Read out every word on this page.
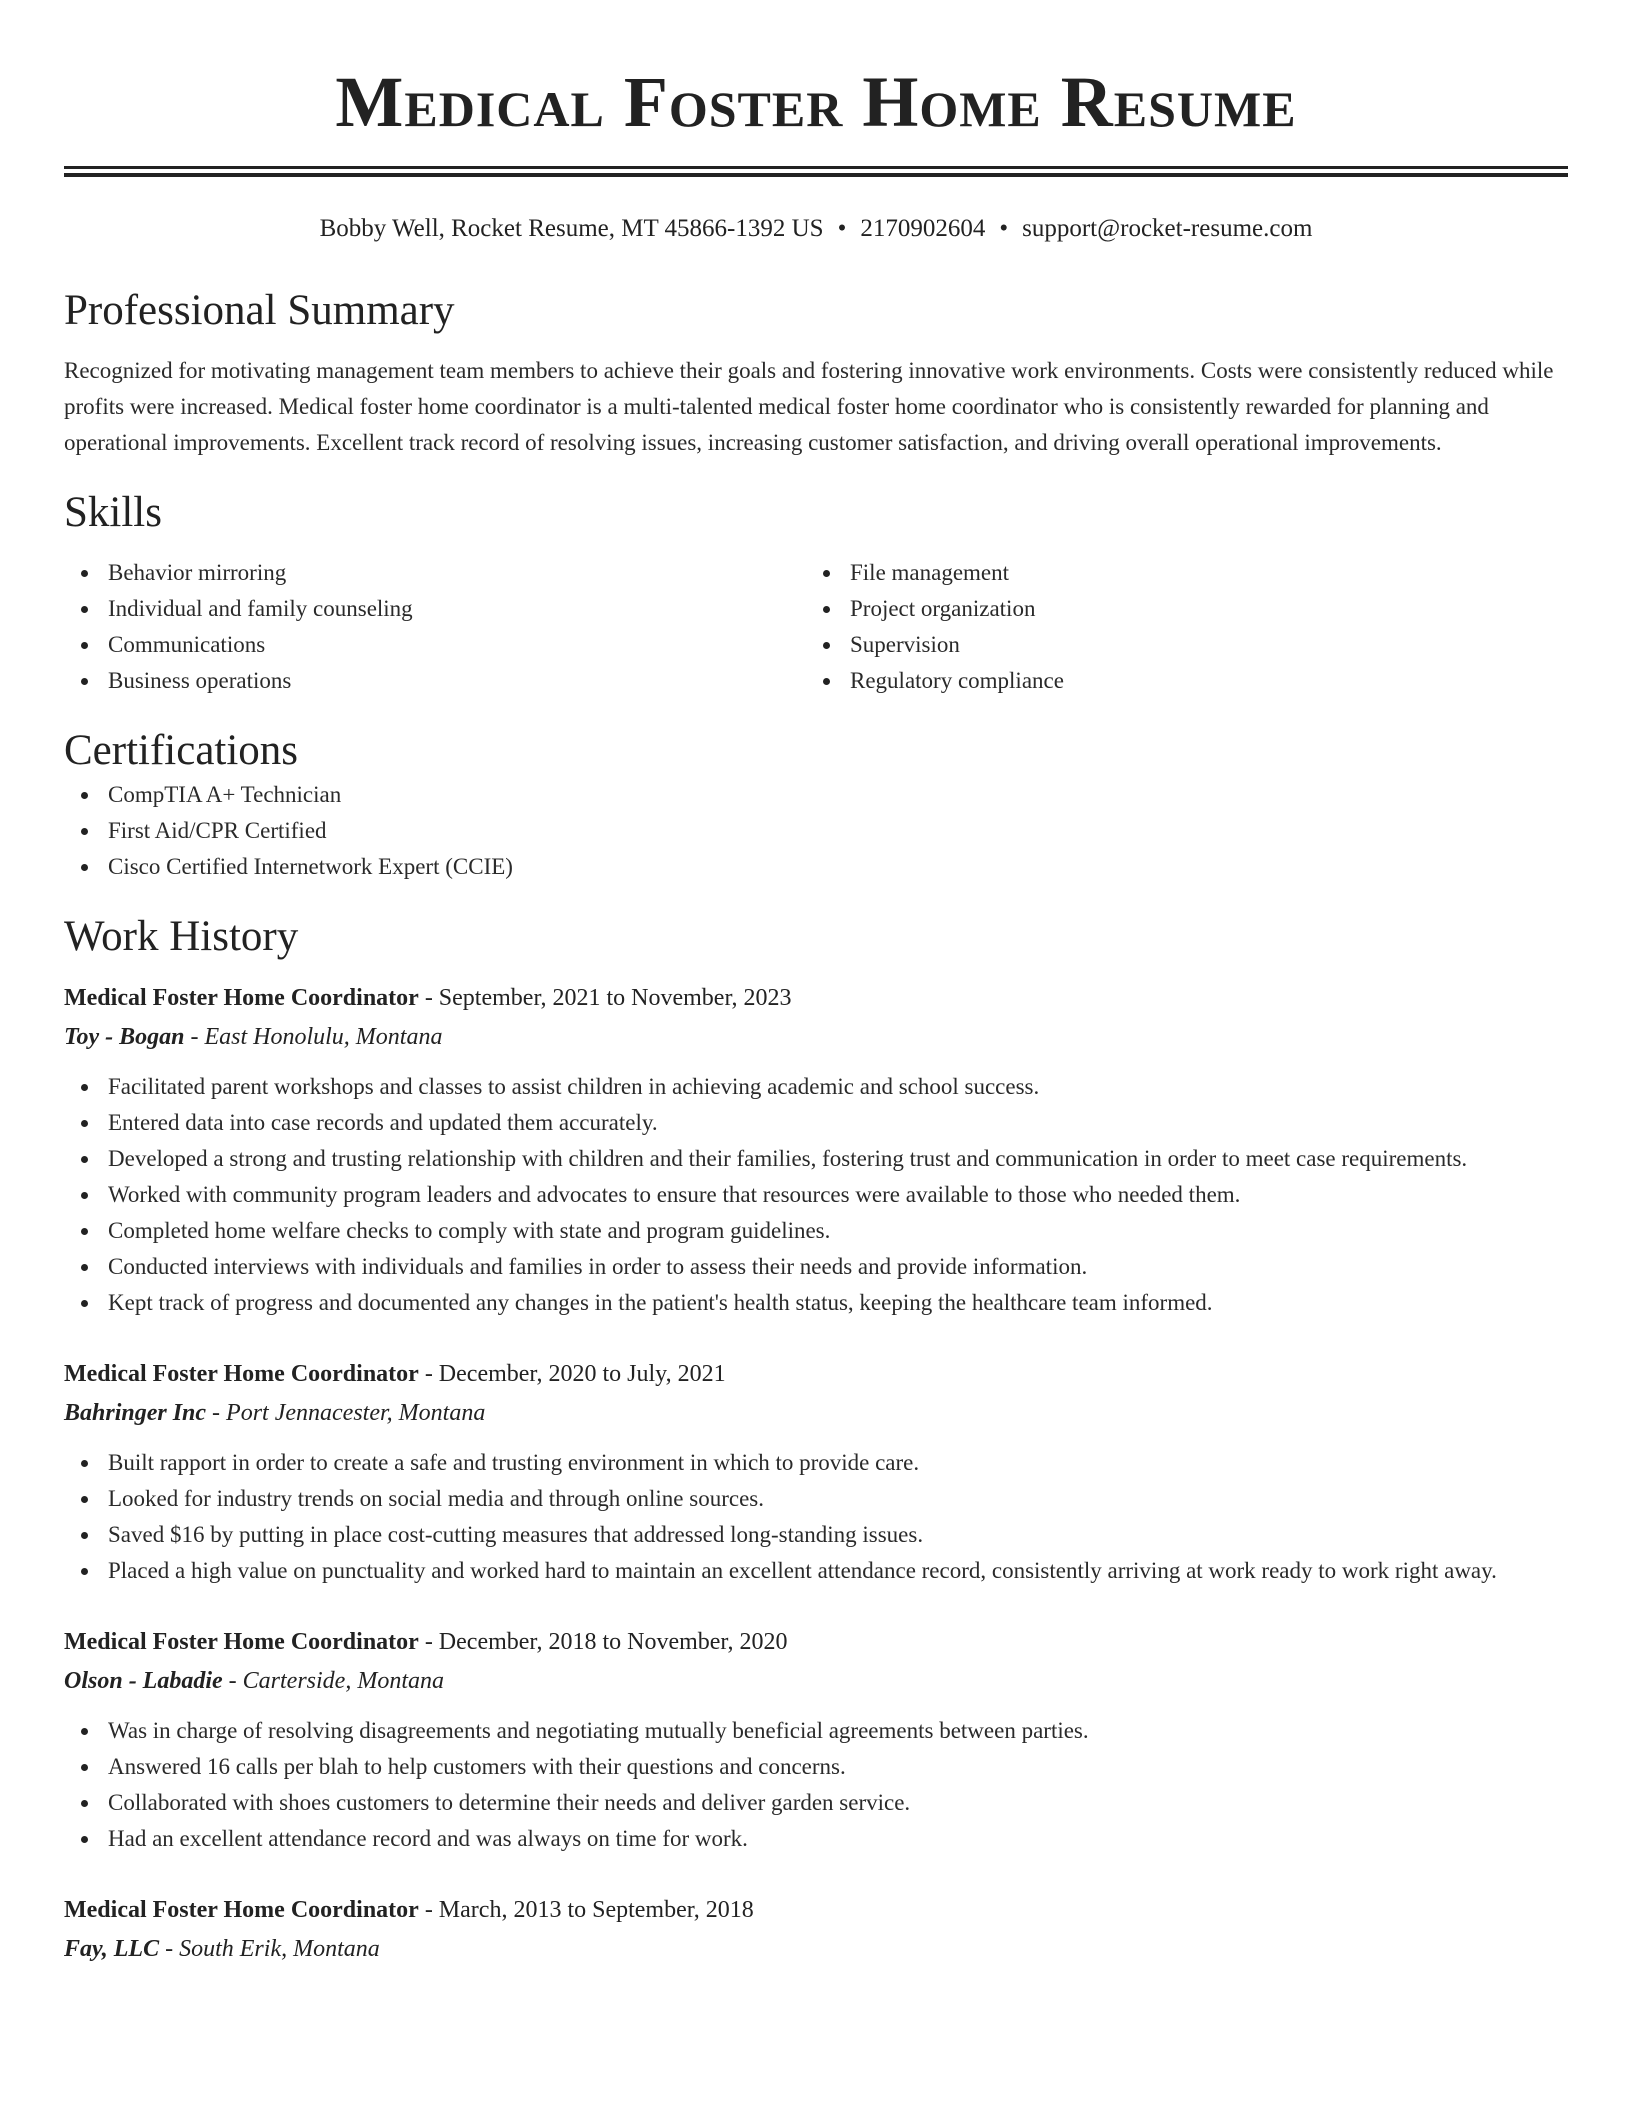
Medical Foster Home Resume
Bobby Well, Rocket Resume, MT 45866-1392 US • 2170902604 • support@rocket-resume.com
Professional Summary

Recognized for motivating management team members to achieve their goals and fostering innovative work environments. Costs were consistently reduced while profits were increased. Medical foster home coordinator is a multi-talented medical foster home coordinator who is consistently rewarded for planning and operational improvements. Excellent track record of resolving issues, increasing customer satisfaction, and driving overall operational improvements.

Skills
Behavior mirroring
Individual and family counseling
Communications
Business operations
File management
Project organization
Supervision
Regulatory compliance
Certifications
CompTIA A+ Technician
First Aid/CPR Certified
Cisco Certified Internetwork Expert (CCIE)
Work History
Medical Foster Home Coordinator - September, 2021 to November, 2023
Toy - Bogan - East Honolulu, Montana
Facilitated parent workshops and classes to assist children in achieving academic and school success.
Entered data into case records and updated them accurately.
Developed a strong and trusting relationship with children and their families, fostering trust and communication in order to meet case requirements.
Worked with community program leaders and advocates to ensure that resources were available to those who needed them.
Completed home welfare checks to comply with state and program guidelines.
Conducted interviews with individuals and families in order to assess their needs and provide information.
Kept track of progress and documented any changes in the patient's health status, keeping the healthcare team informed.
Medical Foster Home Coordinator - December, 2020 to July, 2021
Bahringer Inc - Port Jennacester, Montana
Built rapport in order to create a safe and trusting environment in which to provide care.
Looked for industry trends on social media and through online sources.
Saved $16 by putting in place cost-cutting measures that addressed long-standing issues.
Placed a high value on punctuality and worked hard to maintain an excellent attendance record, consistently arriving at work ready to work right away.
Medical Foster Home Coordinator - December, 2018 to November, 2020
Olson - Labadie - Carterside, Montana
Was in charge of resolving disagreements and negotiating mutually beneficial agreements between parties.
Answered 16 calls per blah to help customers with their questions and concerns.
Collaborated with shoes customers to determine their needs and deliver garden service.
Had an excellent attendance record and was always on time for work.
Medical Foster Home Coordinator - March, 2013 to September, 2018
Fay, LLC - South Erik, Montana
